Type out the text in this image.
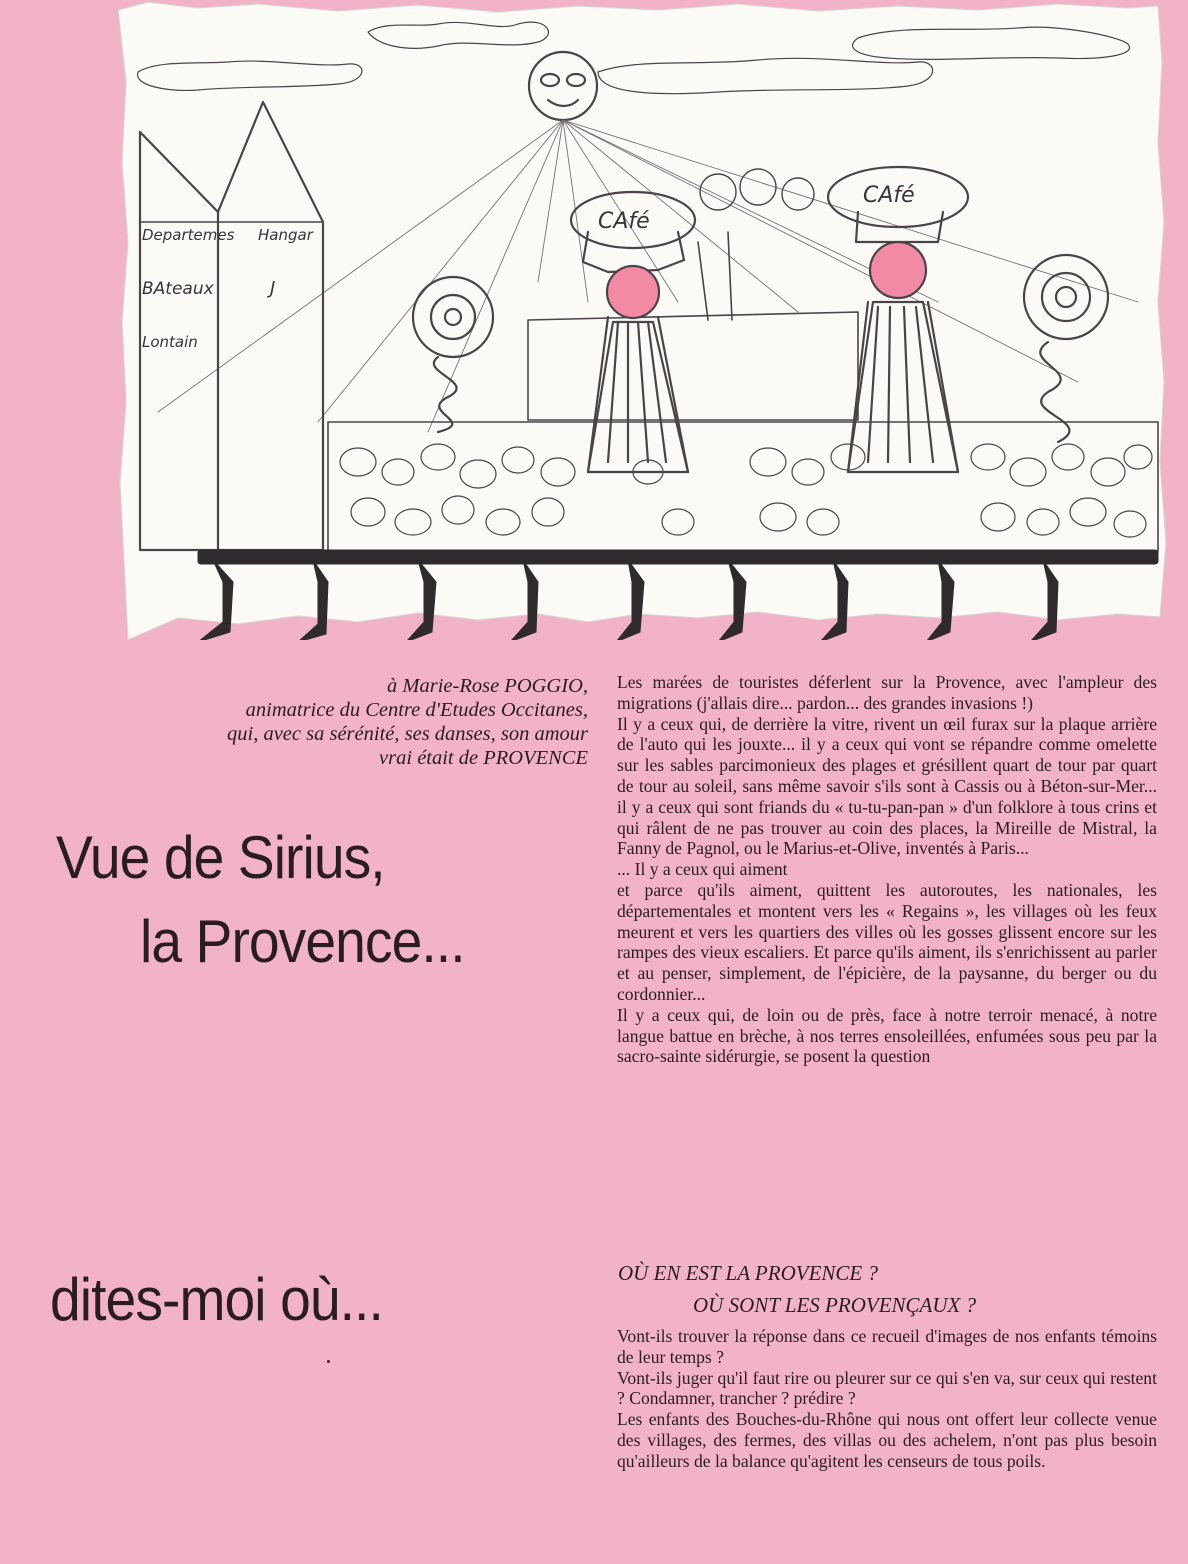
CAfé
CAfé
Departemes Hangar
BAteaux	J
Lontain
à Marie-Rose POGGIO,
animatrice du Centre d'Etudes Occitanes,
qui, avec sa sérénité, ses danses, son amour
vrai était de PROVENCE
Vue de Sirius,
la Provence...
dites-moi où...

Les marées de touristes déferlent sur la Provence, avec l'ampleur des migrations (j'allais dire... pardon... des grandes invasions !)

Il y a ceux qui, de derrière la vitre, rivent un œil furax sur la plaque arrière de l'auto qui les jouxte... il y a ceux qui vont se répandre comme omelette sur les sables parcimonieux des plages et grésillent quart de tour par quart de tour au soleil, sans même savoir s'ils sont à Cassis ou à Béton-sur-Mer... il y a ceux qui sont friands du « tu-tu-pan-pan » d'un folklore à tous crins et qui râlent de ne pas trouver au coin des places, la Mireille de Mistral, la Fanny de Pagnol, ou le Marius-et-Olive, inventés à Paris...

... Il y a ceux qui aiment

et parce qu'ils aiment, quittent les autoroutes, les nationales, les départementales et montent vers les « Regains », les villages où les feux meurent et vers les quartiers des villes où les gosses glissent encore sur les rampes des vieux escaliers. Et parce qu'ils aiment, ils s'enrichissent au parler et au penser, simplement, de l'épicière, de la paysanne, du berger ou du cordonnier...

Il y a ceux qui, de loin ou de près, face à notre terroir menacé, à notre langue battue en brèche, à nos terres ensoleillées, enfumées sous peu par la sacro-sainte sidérurgie, se posent la question

OÙ EN EST LA PROVENCE ?
OÙ SONT LES PROVENÇAUX ?

Vont-ils trouver la réponse dans ce recueil d'images de nos enfants témoins de leur temps ?

Vont-ils juger qu'il faut rire ou pleurer sur ce qui s'en va, sur ceux qui restent ? Condamner, trancher ? prédire ?

Les enfants des Bouches-du-Rhône qui nous ont offert leur collecte venue des villages, des fermes, des villas ou des achelem, n'ont pas plus besoin qu'ailleurs de la balance qu'agitent les censeurs de tous poils.
